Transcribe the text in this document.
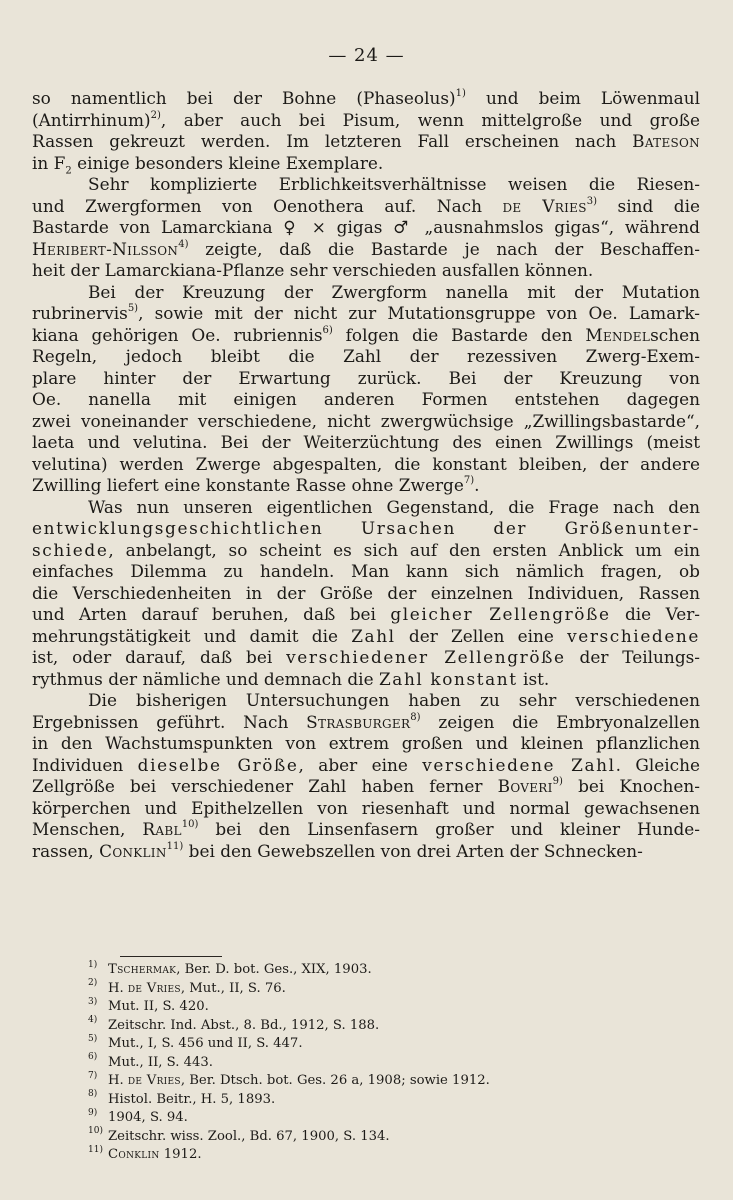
— 24 —
so namentlich bei der Bohne (Phaseolus)$^{1)}$ und beim Löwenmaul
(Antirrhinum)$^{2)}$, aber auch bei Pisum, wenn mittelgroße und große
Rassen gekreuzt werden. Im letzteren Fall erscheinen nach Bateson
in $F_2$ einige besonders kleine Exemplare.
Sehr komplizierte Erblichkeitsverhältnisse weisen die Riesen-
und Zwergformen von Oenothera auf. Nach de Vries$^{3)}$ sind die
Bastarde von Lamarckiana ♀ × gigas ♂ „ausnahmslos gigas“, während
Heribert-Nilsson$^{4)}$ zeigte, daß die Bastarde je nach der Beschaffen-
heit der Lamarckiana-Pflanze sehr verschieden ausfallen können.
Bei der Kreuzung der Zwergform nanella mit der Mutation
rubrinervis$^{5)}$, sowie mit der nicht zur Mutationsgruppe von Oe. Lamark-
kiana gehörigen Oe. rubriennis$^{6)}$ folgen die Bastarde den Mendelschen
Regeln, jedoch bleibt die Zahl der rezessiven Zwerg-Exem-
plare hinter der Erwartung zurück. Bei der Kreuzung von
Oe. nanella mit einigen anderen Formen entstehen dagegen
zwei voneinander verschiedene, nicht zwergwüchsige „Zwillingsbastarde“,
laeta und velutina. Bei der Weiterzüchtung des einen Zwillings (meist
velutina) werden Zwerge abgespalten, die konstant bleiben, der andere
Zwilling liefert eine konstante Rasse ohne Zwerge$^{7)}$.
Was nun unseren eigentlichen Gegenstand, die Frage nach den
entwicklungsgeschichtlichen Ursachen der Größenunter-
schiede, anbelangt, so scheint es sich auf den ersten Anblick um ein
einfaches Dilemma zu handeln. Man kann sich nämlich fragen, ob
die Verschiedenheiten in der Größe der einzelnen Individuen, Rassen
und Arten darauf beruhen, daß bei gleicher Zellengröße die Ver-
mehrungstätigkeit und damit die Zahl der Zellen eine verschiedene
ist, oder darauf, daß bei verschiedener Zellengröße der Teilungs-
rythmus der nämliche und demnach die Zahl konstant ist.
Die bisherigen Untersuchungen haben zu sehr verschiedenen
Ergebnissen geführt. Nach Strasburger$^{8)}$ zeigen die Embryonalzellen
in den Wachstumspunkten von extrem großen und kleinen pflanzlichen
Individuen dieselbe Größe, aber eine verschiedene Zahl. Gleiche
Zellgröße bei verschiedener Zahl haben ferner Boveri$^{9)}$ bei Knochen-
körperchen und Epithelzellen von riesenhaft und normal gewachsenen
Menschen, Rabl$^{10)}$ bei den Linsenfasern großer und kleiner Hunde-
rassen, Conklin$^{11)}$ bei den Gewebszellen von drei Arten der Schnecken-
$^{1)}$ Tschermak, Ber. D. bot. Ges., XIX, 1903.
$^{2)}$ H. de Vries, Mut., II, S. 76.
$^{3)}$ Mut. II, S. 420.
$^{4)}$ Zeitschr. Ind. Abst., 8. Bd., 1912, S. 188.
$^{5)}$ Mut., I, S. 456 und II, S. 447.
$^{6)}$ Mut., II, S. 443.
$^{7)}$ H. de Vries, Ber. Dtsch. bot. Ges. 26 a, 1908; sowie 1912.
$^{8)}$ Histol. Beitr., H. 5, 1893.
$^{9)}$ 1904, S. 94.
$^{10)}$ Zeitschr. wiss. Zool., Bd. 67, 1900, S. 134.
$^{11)}$ Conklin 1912.
